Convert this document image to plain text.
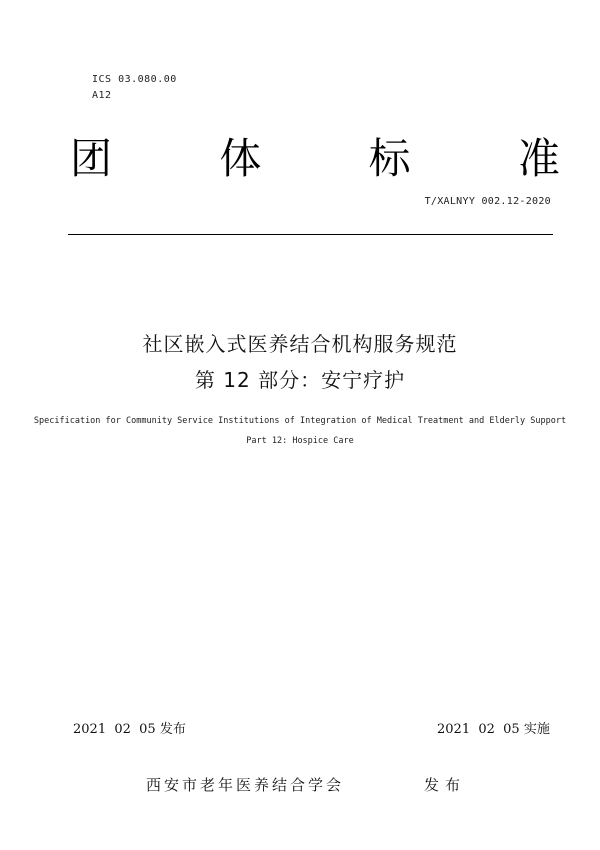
ICS 03.080.00
A12
团	体	标	准
T/XALNYY 002.12-2020
社区嵌入式医养结合机构服务规范
第 12 部分：安宁疗护
Specification for Community Service Institutions of Integration of Medical Treatment and Elderly Support
Part 12: Hospice Care
2021  02  05 发布	2021  02  05 实施
西安市老年医养结合学会	发布
